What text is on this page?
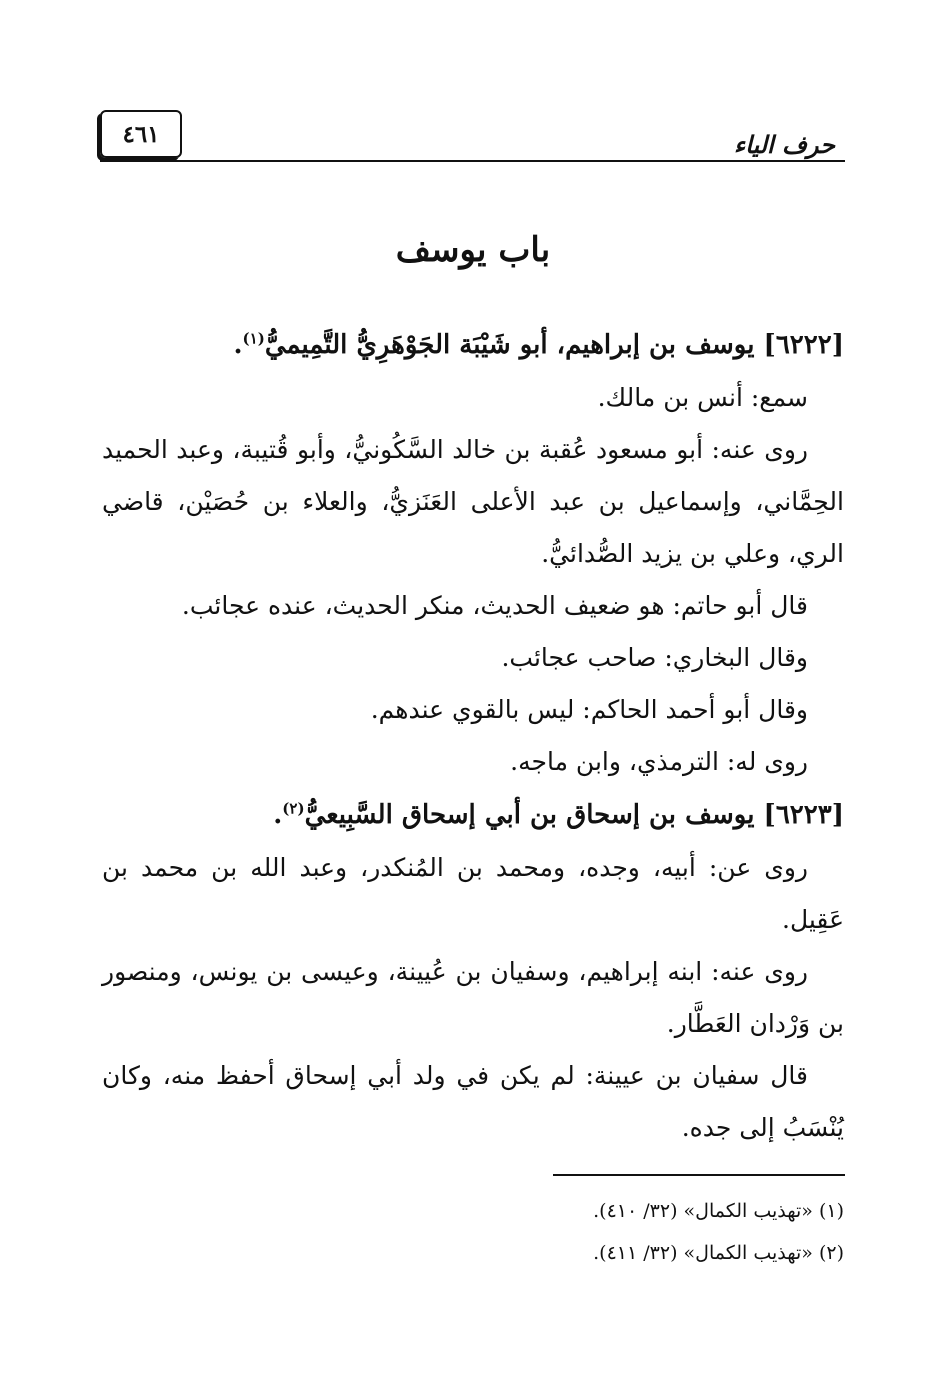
حرف الياء
٤٦١
باب يوسف

[٦٢٢٢] يوسف بن إبراهيم، أبو شَيْبَة الجَوْهَرِيُّ التَّمِيميُّ$^{(١)}$.

سمع: أنس بن مالك.

روى عنه: أبو مسعود عُقبة بن خالد السَّكُونيُّ، وأبو قُتيبة، وعبد الحميد الحِمَّاني، وإسماعيل بن عبد الأعلى العَنَزيُّ، والعلاء بن حُصَيْن، قاضي الري، وعلي بن يزيد الصُّدائيُّ.

قال أبو حاتم: هو ضعيف الحديث، منكر الحديث، عنده عجائب.

وقال البخاري: صاحب عجائب.

وقال أبو أحمد الحاكم: ليس بالقوي عندهم.

روى له: الترمذي، وابن ماجه.

[٦٢٢٣] يوسف بن إسحاق بن أبي إسحاق السَّبِيعيُّ$^{(٢)}$.

روى عن: أبيه، وجده، ومحمد بن المُنكدر، وعبد الله بن محمد بن عَقِيل.

روى عنه: ابنه إبراهيم، وسفيان بن عُيينة، وعيسى بن يونس، ومنصور بن وَرْدان العَطَّار.

قال سفيان بن عيينة: لم يكن في ولد أبي إسحاق أحفظ منه، وكان يُنْسَبُ إلى جده.

(١) «تهذيب الكمال» (٣٢/ ٤١٠).

(٢) «تهذيب الكمال» (٣٢/ ٤١١).
